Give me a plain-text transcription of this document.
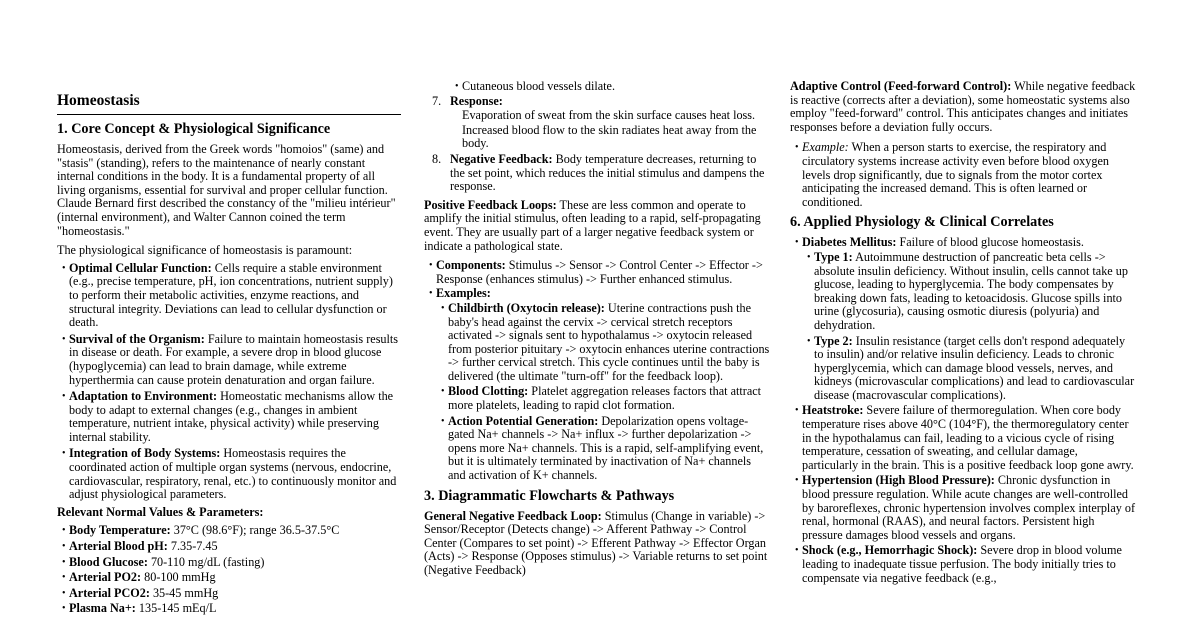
Homeostasis
1. Core Concept & Physiological Significance

Homeostasis, derived from the Greek words "homoios" (same) and "stasis" (standing), refers to the maintenance of nearly constant internal conditions in the body. It is a fundamental property of all living organisms, essential for survival and proper cellular function. Claude Bernard first described the constancy of the "milieu intérieur" (internal environment), and Walter Cannon coined the term "homeostasis."

The physiological significance of homeostasis is paramount:

• Optimal Cellular Function: Cells require a stable environment (e.g., precise temperature, pH, ion concentrations, nutrient supply) to perform their metabolic activities, enzyme reactions, and structural integrity. Deviations can lead to cellular dysfunction or death.
• Survival of the Organism: Failure to maintain homeostasis results in disease or death. For example, a severe drop in blood glucose (hypoglycemia) can lead to brain damage, while extreme hyperthermia can cause protein denaturation and organ failure.
• Adaptation to Environment: Homeostatic mechanisms allow the body to adapt to external changes (e.g., changes in ambient temperature, nutrient intake, physical activity) while preserving internal stability.
• Integration of Body Systems: Homeostasis requires the coordinated action of multiple organ systems (nervous, endocrine, cardiovascular, respiratory, renal, etc.) to continuously monitor and adjust physiological parameters.

Relevant Normal Values & Parameters:

• Body Temperature: 37°C (98.6°F); range 36.5-37.5°C
• Arterial Blood pH: 7.35-7.45
• Blood Glucose: 70-110 mg/dL (fasting)
• Arterial PO2: 80-100 mmHg
• Arterial PCO2: 35-45 mmHg
• Plasma Na+: 135-145 mEq/L
• Cutaneous blood vessels dilate.
7. Response:
Evaporation of sweat from the skin surface causes heat loss.
Increased blood flow to the skin radiates heat away from the body.
8. Negative Feedback: Body temperature decreases, returning to the set point, which reduces the initial stimulus and dampens the response.

Positive Feedback Loops: These are less common and operate to amplify the initial stimulus, often leading to a rapid, self-propagating event. They are usually part of a larger negative feedback system or indicate a pathological state.

• Components: Stimulus -> Sensor -> Control Center -> Effector -> Response (enhances stimulus) -> Further enhanced stimulus.
• Examples:
• Childbirth (Oxytocin release): Uterine contractions push the baby's head against the cervix -> cervical stretch receptors activated -> signals sent to hypothalamus -> oxytocin released from posterior pituitary -> oxytocin enhances uterine contractions -> further cervical stretch. This cycle continues until the baby is delivered (the ultimate "turn-off" for the feedback loop).
• Blood Clotting: Platelet aggregation releases factors that attract more platelets, leading to rapid clot formation.
• Action Potential Generation: Depolarization opens voltage-gated Na+ channels -> Na+ influx -> further depolarization -> opens more Na+ channels. This is a rapid, self-amplifying event, but it is ultimately terminated by inactivation of Na+ channels and activation of K+ channels.
3. Diagrammatic Flowcharts & Pathways

General Negative Feedback Loop: Stimulus (Change in variable) -> Sensor/Receptor (Detects change) -> Afferent Pathway -> Control Center (Compares to set point) -> Efferent Pathway -> Effector Organ (Acts) -> Response (Opposes stimulus) -> Variable returns to set point (Negative Feedback)

Adaptive Control (Feed-forward Control): While negative feedback is reactive (corrects after a deviation), some homeostatic systems also employ "feed-forward" control. This anticipates changes and initiates responses before a deviation fully occurs.

• Example: When a person starts to exercise, the respiratory and circulatory systems increase activity even before blood oxygen levels drop significantly, due to signals from the motor cortex anticipating the increased demand. This is often learned or conditioned.
6. Applied Physiology & Clinical Correlates
• Diabetes Mellitus: Failure of blood glucose homeostasis.
• Type 1: Autoimmune destruction of pancreatic beta cells -> absolute insulin deficiency. Without insulin, cells cannot take up glucose, leading to hyperglycemia. The body compensates by breaking down fats, leading to ketoacidosis. Glucose spills into urine (glycosuria), causing osmotic diuresis (polyuria) and dehydration.
• Type 2: Insulin resistance (target cells don't respond adequately to insulin) and/or relative insulin deficiency. Leads to chronic hyperglycemia, which can damage blood vessels, nerves, and kidneys (microvascular complications) and lead to cardiovascular disease (macrovascular complications).
• Heatstroke: Severe failure of thermoregulation. When core body temperature rises above 40°C (104°F), the thermoregulatory center in the hypothalamus can fail, leading to a vicious cycle of rising temperature, cessation of sweating, and cellular damage, particularly in the brain. This is a positive feedback loop gone awry.
• Hypertension (High Blood Pressure): Chronic dysfunction in blood pressure regulation. While acute changes are well-controlled by baroreflexes, chronic hypertension involves complex interplay of renal, hormonal (RAAS), and neural factors. Persistent high pressure damages blood vessels and organs.
• Shock (e.g., Hemorrhagic Shock): Severe drop in blood volume leading to inadequate tissue perfusion. The body initially tries to compensate via negative feedback (e.g.,
